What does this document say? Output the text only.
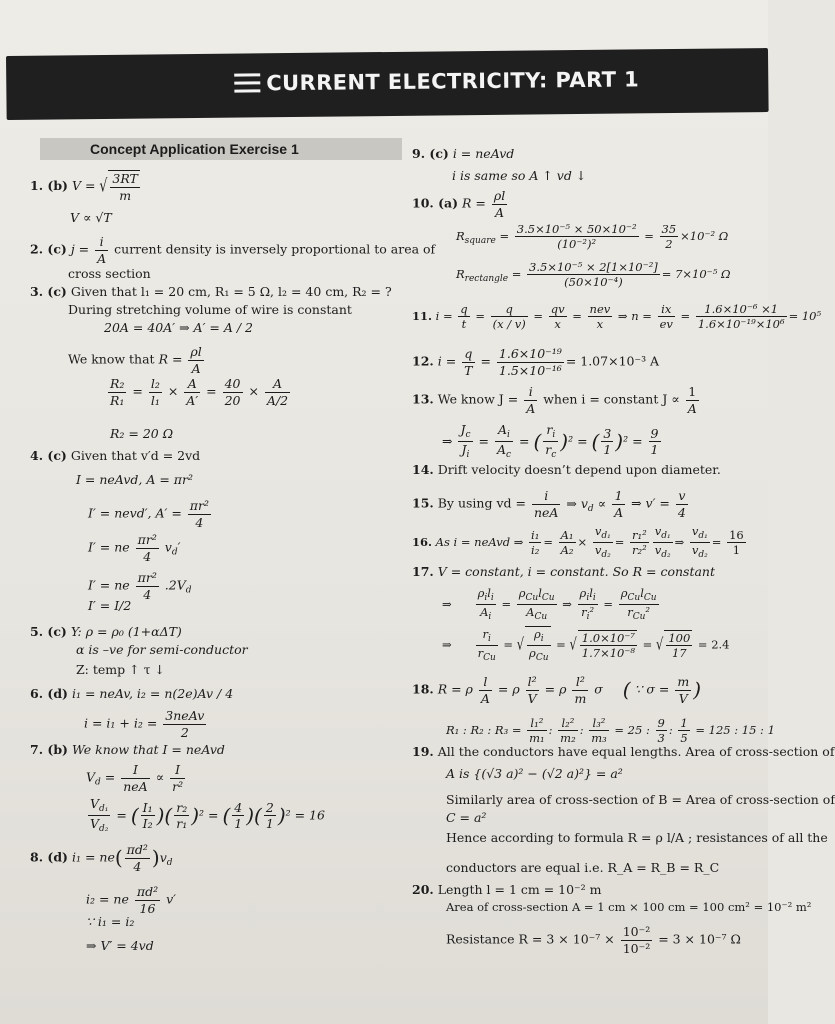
CURRENT ELECTRICITY: PART 1
Concept Application Exercise 1
1. (b) V = √ $\frac{3RT}{m}$
V ∝ √T
2. (c) $j = \frac{i}{A}$ current density is inversely proportional to area of
cross section
3. (c) Given that l₁ = 20 cm, R₁ = 5 Ω, l₂ = 40 cm, R₂ = ?
During stretching volume of wire is constant
20A = 40A′ ⇒ A′ = A / 2
We know that $R = \frac{\rho l}{A}$
$\frac{\text{R₂}}{\text{R₁}} = \frac{\text{l₂}}{\text{l₁}} \times \frac{A}{A'} = \frac{40}{20} \times \frac{A}{A/2}$
R₂ = 20 Ω
4. (c) Given that v′d = 2vd
I = neAvd, A = πr²
I′ = nevd′, $A' = \frac{\text{πr²}}{4}$
I′ = ne $\frac{\text{πr²}}{4} v_d'$
I′ = ne $\frac{\text{πr²}}{4} .2V_d$
I′ = I/2
5. (c) Y: ρ = ρ₀ (1+αΔT)
α is –ve for semi-conductor
Z: temp ↑ τ ↓
6. (d) i₁ = neAv, i₂ = n(2e)Av / 4
$i = i_1 + i_2 = \frac{\text{3neAv}}{2}$
7. (b) We know that I = neAvd
$V_d = \frac{I}{\text{neA}} \propto \frac{I}{\text{r²}}$
$\frac{V_{d_1}}{V_{d_2}}$ = ( $\frac{\text{I₁}}{\text{I₂}}$ )( $\frac{\text{r₂}}{\text{r₁}} )^2$ = ( $\frac{4}{1}$ )( $\frac{2}{1} )^2 = 16$
8. (d) $i_1 = ne( \frac{\text{πd²}}{4} )v_d$
i₂ = ne $\frac{\text{πd²}}{16} v'$
∵ i₁ = i₂
⇒ V′ = 4vd
9. (c) i = neAvd
i is same so A ↑ vd ↓
10. (a) $R = \frac{\rho l}{A}$
$R_{square} = \frac{\text{3.5×10⁻⁵ × 50×10⁻²}}{\text{(10⁻²)²}} = \frac{35}{2} \times 10^{-2}$ Ω
$R_{rectangle} = \frac{\text{3.5×10⁻⁵ × 2[1×10⁻²]}}{\text{(50×10⁻⁴)}} = 7\times 10^{-5}$ Ω
11. $i = \frac{q}{t} = \frac{q}{(x / v)} = \frac{qv}{x} = \frac{\text{nev}}{x}$ ⇒ $n = \frac{ix}{ev} = \frac{\text{1.6×10⁻⁶ ×1}}{\text{1.6×10⁻¹⁹×10⁶}} = 10^5$
12. $i = \frac{q}{T} = \frac{\text{1.6×10⁻¹⁹}}{\text{1.5×10⁻¹⁶}} = 1.07\times 10^{-3}$ A
13. We know $J = \frac{i}{A}$ when i = constant $J \propto \frac{1}{A}$
⇒ $\frac{J_c}{J_i} = \frac{A_i}{A_c}$ = ( $\frac{r_i}{r_c} )^2$ = ( $\frac{3}{1} )^2 = \frac{9}{1}$
14. Drift velocity doesn’t depend upon diameter.
15. By using vd = $\frac{i}{\text{neA}}$ ⇒ $v_d \propto \frac{1}{A}$ ⇒ $v' = \frac{v}{4}$
16. As i = neAvd ⇒ $\frac{\text{i₁}}{\text{i₂}} = \frac{\text{A₁}}{\text{A₂}} \times \frac{v_{d_1}}{v_{d_2}} = \frac{\text{r₁²}}{\text{r₂²}} \frac{v_{d_1}}{v_{d_2}}$ ⇒ $\frac{v_{d_1}}{v_{d_2}} = \frac{16}{1}$
17. V = constant, i = constant. So R = constant
⇒ $\frac{\rho_il_i}{A_i} = \frac{\rho_{Cu}l_{Cu}}{A_{Cu}}$ ⇒ $\frac{\rho_il_i}{r_i^2} = \frac{\rho_{Cu}l_{Cu}}{r_{Cu}^2}$
⇒ $\frac{r_i}{r_{Cu}}$ = √ $\frac{\rho_i}{\rho_{Cu}}$ = √ $\frac{\text{1.0×10⁻⁷}}{\text{1.7×10⁻⁸}}$ = √ $\frac{100}{17} = 2.4$
18. R = ρ $\frac{l}{A} = \rho \frac{\text{l²}}{V} = \rho \frac{\text{l²}}{m}$ σ     ( ∵ $\sigma = \frac{m}{V}$ )
R₁ : R₂ : $R_3 = \frac{\text{l₁²}}{\text{m₁}}$ : $\frac{\text{l₂²}}{\text{m₂}}$ : $\frac{\text{l₃²}}{\text{m₃}} = 25$ : $\frac{9}{3}$ : $\frac{1}{5} = 125$ : 15 : 1
19. All the conductors have equal lengths. Area of cross-section of
A is {(√3 a)² − (√2 a)²} = a²
Similarly area of cross-section of B = Area of cross-section of
C = a²
Hence according to formula R = ρ l/A ; resistances of all the
conductors are equal i.e. R_A = R_B = R_C
20. Length l = 1 cm = 10⁻² m
Area of cross-section A = 1 cm × 100 cm = 100 cm² = 10⁻² m²
Resistance $R = 3 \times 10^{-7} \times \frac{\text{10⁻²}}{\text{10⁻²}} = 3 \times 10^{-7}$ Ω
